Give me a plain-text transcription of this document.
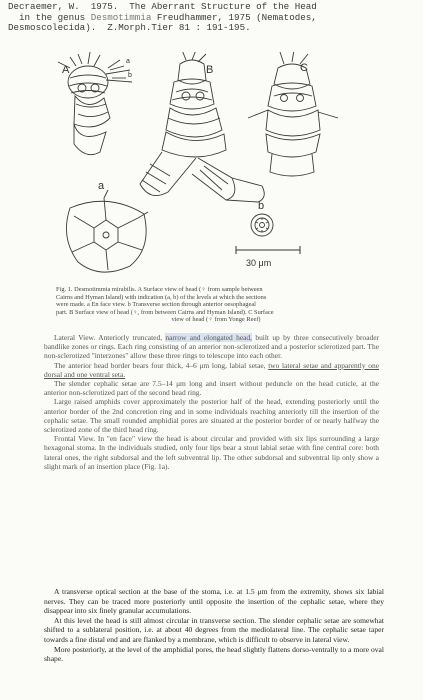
Decraemer, W.  1975.  The Aberrant Structure of the Head
in the genus Desmotimmia Freudhammer, 1975 (Nematodes,
Desmoscolecida).  Z.Morph.Tier 81 : 191-195.
A
a
b	B	C
a
b
30 μm
Fig. 1. Desmotimmia mirabilis. A Surface view of head (♀ from sample between
Cairns and Hyman Island) with indication (a, b) of the levels at which the sections
were made. a En face view. b Transverse section through anterior oesophageal
part. B Surface view of head (♀, from between Cairns and Hyman Island). C Surface
view of head (♀ from Yonge Reef)

Lateral View. Anteriorly truncated, narrow and elongated head, built up by three consecutively broader bandlike zones or rings. Each ring consisting of an anterior non-sclerotized and a posterior sclerotized part. The non-sclerotized "interzones" allow these three rings to telescope into each other.

The anterior head border bears four thick, 4–6 μm long, labial setae, two lateral setae and apparently one dorsal and one ventral seta.

The slender cephalic setae are 7.5–14 μm long and insert without peduncle on the head cuticle, at the anterior non-sclerotized part of the second head ring.

Large raised amphids cover approximately the posterior half of the head, extending posteriorly until the anterior border of the 2nd concretion ring and in some individuals reaching anteriorly till the insertion of the cephalic setae. The small rounded amphidial pores are situated at the posterior border of or nearly halfway the sclerotized zone of the third head ring.

Frontal View. In "en face" view the head is about circular and provided with six lips surrounding a large hexagonal stoma. In the individuals studied, only four lips bear a stout labial setae with fine central core: both lateral ones, the right subdorsal and the left subventral lip. The other subdorsal and subventral lip only show a slight mark of an insertion place (Fig. 1a).

A transverse optical section at the base of the stoma, i.e. at 1.5 μm from the extremity, shows six labial nerves. They can be traced more posteriorly until opposite the insertion of the cephalic setae, where they disappear into six finely granular accumulations.

At this level the head is still almost circular in transverse section. The slender cephalic setae are somewhat shifted to a sublateral position, i.e. at about 40 degrees from the mediolateral line. The cephalic setae taper towards a fine distal end and are flanked by a membrane, which is difficult to observe in lateral view.

More posteriorly, at the level of the amphidial pores, the head slightly flattens dorso-ventrally to a more oval shape.
